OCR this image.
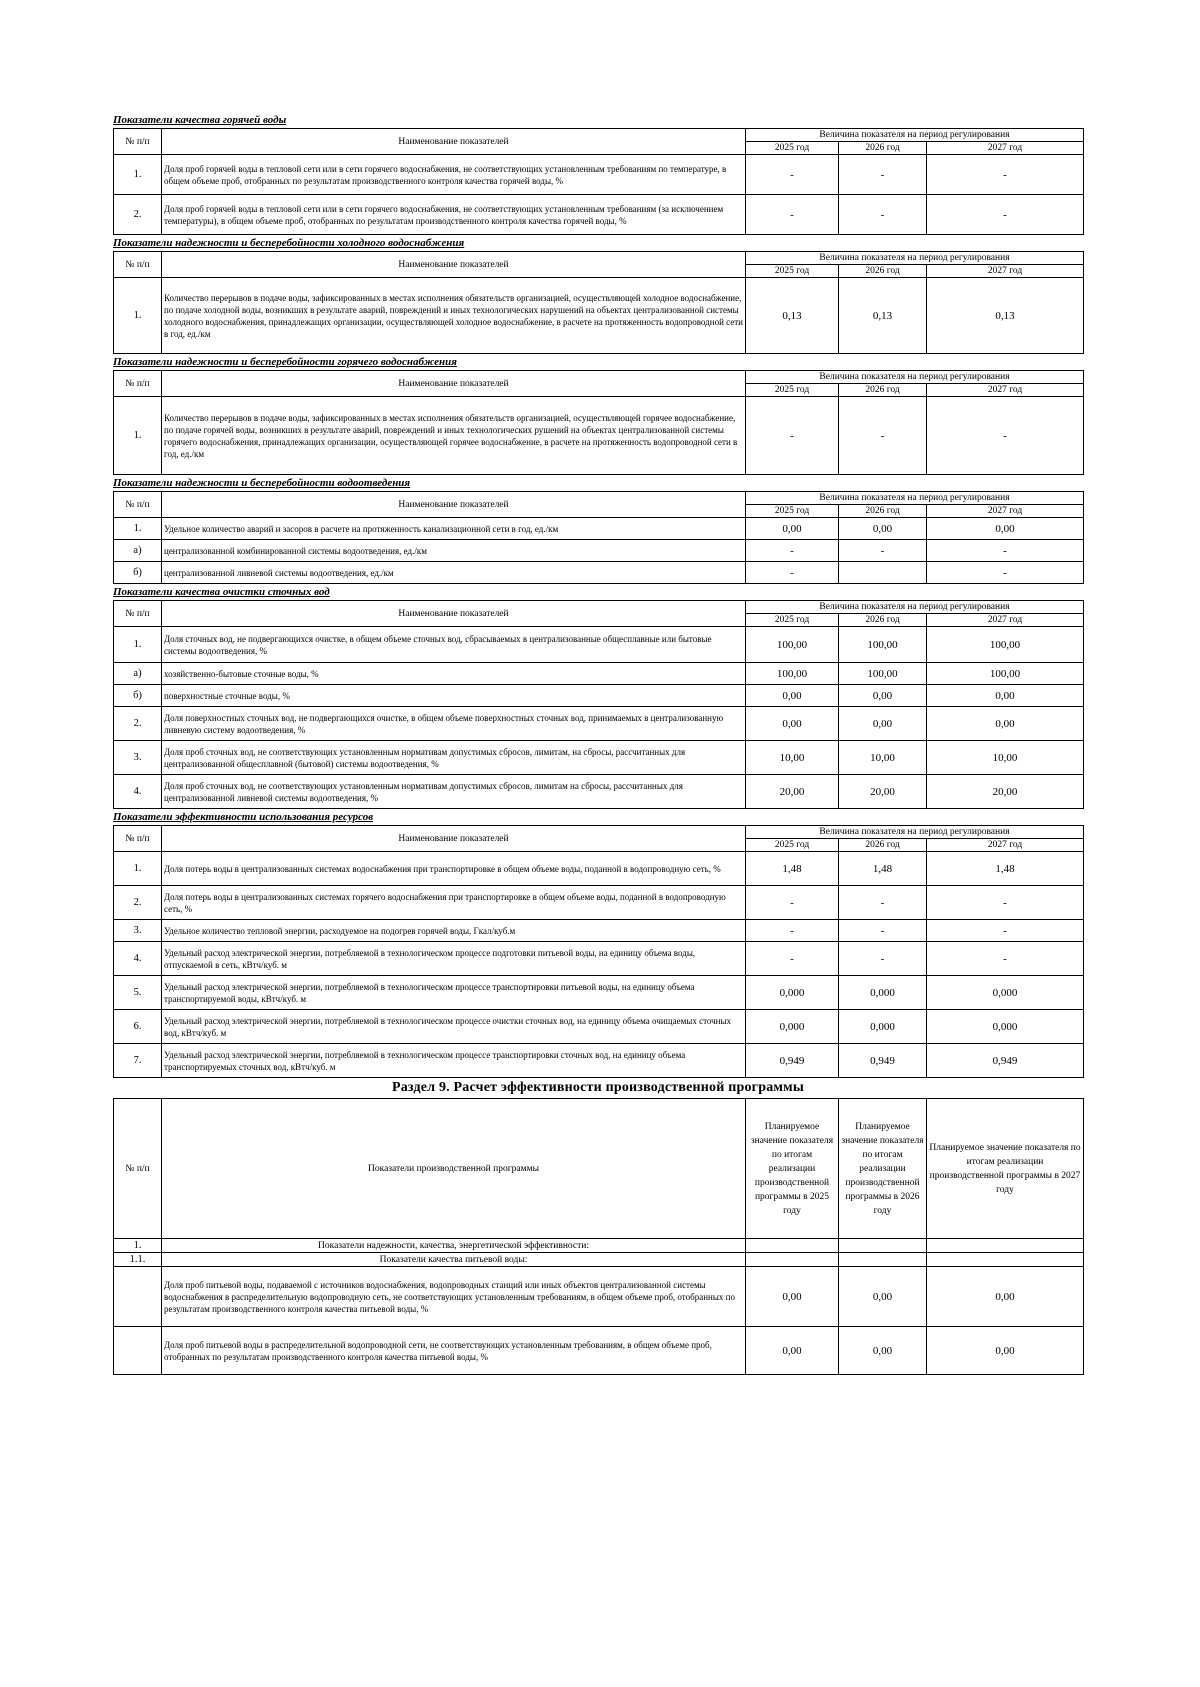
Показатели качества горячей воды
№ п/п	Наименование показателей	Величина показателя на период регулирования		
		2025 год	2026 год	2027 год
1.	Доля проб горячей воды в тепловой сети или в сети горячего водоснабжения, не соответствующих установленным требованиям по температуре, в общем объеме проб, отобранных по результатам производственного контроля качества горячей воды, %	-	-	-
2.	Доля проб горячей воды в тепловой сети или в сети горячего водоснабжения, не соответствующих установленным требованиям (за исключением температуры), в общем объеме проб, отобранных по результатам производственного контроля качества горячей воды, %	-	-	-
Показатели надежности и бесперебойности холодного водоснабжения
№ п/п	Наименование показателей	Величина показателя на период регулирования		
		2025 год	2026 год	2027 год
1.	Количество перерывов в подаче воды, зафиксированных в местах исполнения обязательств организацией, осуществляющей холодное водоснабжение, по подаче холодной воды, возникших в результате аварий, повреждений и иных технологических нарушений на объектах централизованной системы холодного водоснабжения, принадлежащих организации, осуществляющей холодное водоснабжение, в расчете на протяженность водопроводной сети в год, ед./км	0,13	0,13	0,13
Показатели надежности и бесперебойности горячего водоснабжения
№ п/п	Наименование показателей	Величина показателя на период регулирования		
		2025 год	2026 год	2027 год
1.	Количество перерывов в подаче воды, зафиксированных в местах исполнения обязательств организацией, осуществляющей горячее водоснабжение, по подаче горячей воды, возникших в результате аварий, повреждений и иных технологических рушений на объектах централизованной системы горячего водоснабжения, принадлежащих организации, осуществляющей горячее водоснабжение, в расчете на протяженность водопроводной сети в год, ед./км	-	-	-
Показатели надежности и бесперебойности водоотведения
№ п/п	Наименование показателей	Величина показателя на период регулирования		
		2025 год	2026 год	2027 год
1.	Удельное количество аварий и засоров в расчете на протяженность канализационной сети в год, ед./км	0,00	0,00	0,00
а)	централизованной комбинированной системы водоотведения, ед./км	-	-	-
б)	централизованной ливневой системы водоотведения, ед./км	-		-
Показатели качества очистки сточных вод
№ п/п	Наименование показателей	Величина показателя на период регулирования		
		2025 год	2026 год	2027 год
1.	Доля сточных вод, не подвергающихся очистке, в общем объеме сточных вод, сбрасываемых в централизованные общесплавные или бытовые системы водоотведения, %	100,00	100,00	100,00
а)	хозяйственно-бытовые сточные воды, %	100,00	100,00	100,00
б)	поверхностные сточные воды, %	0,00	0,00	0,00
2.	Доля поверхностных сточных вод, не подвергающихся очистке, в общем объеме поверхностных сточных вод, принимаемых в централизованную ливневую систему водоотведения, %	0,00	0,00	0,00
3.	Доля проб сточных вод, не соответствующих установленным нормативам допустимых сбросов, лимитам, на сбросы, рассчитанных для централизованной общесплавной (бытовой) системы водоотведения, %	10,00	10,00	10,00
4.	Доля проб сточных вод, не соответствующих установленным нормативам допустимых сбросов, лимитам на сбросы, рассчитанных для централизованной ливневой системы водоотведения, %	20,00	20,00	20,00
Показатели эффективности использования ресурсов
№ п/п	Наименование показателей	Величина показателя на период регулирования		
		2025 год	2026 год	2027 год
1.	Доля потерь воды в централизованных системах водоснабжения при транспортировке в общем объеме воды, поданной в водопроводную сеть, %	1,48	1,48	1,48
2.	Доля потерь воды в централизованных системах горячего водоснабжения при транспортировке в общем объеме воды, поданной в водопроводную сеть, %	-	-	-
3.	Удельное количество тепловой энергии, расходуемое на подогрев горячей воды, Гкал/куб.м	-	-	-
4.	Удельный расход электрической энергии, потребляемой в технологическом процессе подготовки питьевой воды, на единицу объема воды, отпускаемой в сеть, кВтч/куб. м	-	-	-
5.	Удельный расход электрической энергии, потребляемой в технологическом процессе транспортировки питьевой воды, на единицу объема транспортируемой воды, кВтч/куб. м	0,000	0,000	0,000
6.	Удельный расход электрической энергии, потребляемой в технологическом процессе очистки сточных вод, на единицу объема очищаемых сточных вод, кВтч/куб. м	0,000	0,000	0,000
7.	Удельный расход электрической энергии, потребляемой в технологическом процессе транспортировки сточных вод, на единицу объема транспортируемых сточных вод, кВтч/куб. м	0,949	0,949	0,949
Раздел 9. Расчет эффективности производственной программы
№ п/п	Показатели производственной программы	Планируемое значение показателя по итогам реализации производственной программы в 2025 году	Планируемое значение показателя по итогам реализации производственной программы в 2026 году	Планируемое значение показателя по итогам реализации производственной программы в 2027 году
1.	Показатели надежности, качества, энергетической эффективности:			
1.1.	Показатели качества питьевой воды:			
	Доля проб питьевой воды, подаваемой с источников водоснабжения, водопроводных станций или иных объектов централизованной системы водоснабжения в распределительную водопроводную сеть, не соответствующих установленным требованиям, в общем объеме проб, отобранных по результатам производственного контроля качества питьевой воды, %	0,00	0,00	0,00
	Доля проб питьевой воды в распределительной водопроводной сети, не соответствующих установленным требованиям, в общем объеме проб, отобранных по результатам производственного контроля качества питьевой воды, %	0,00	0,00	0,00
